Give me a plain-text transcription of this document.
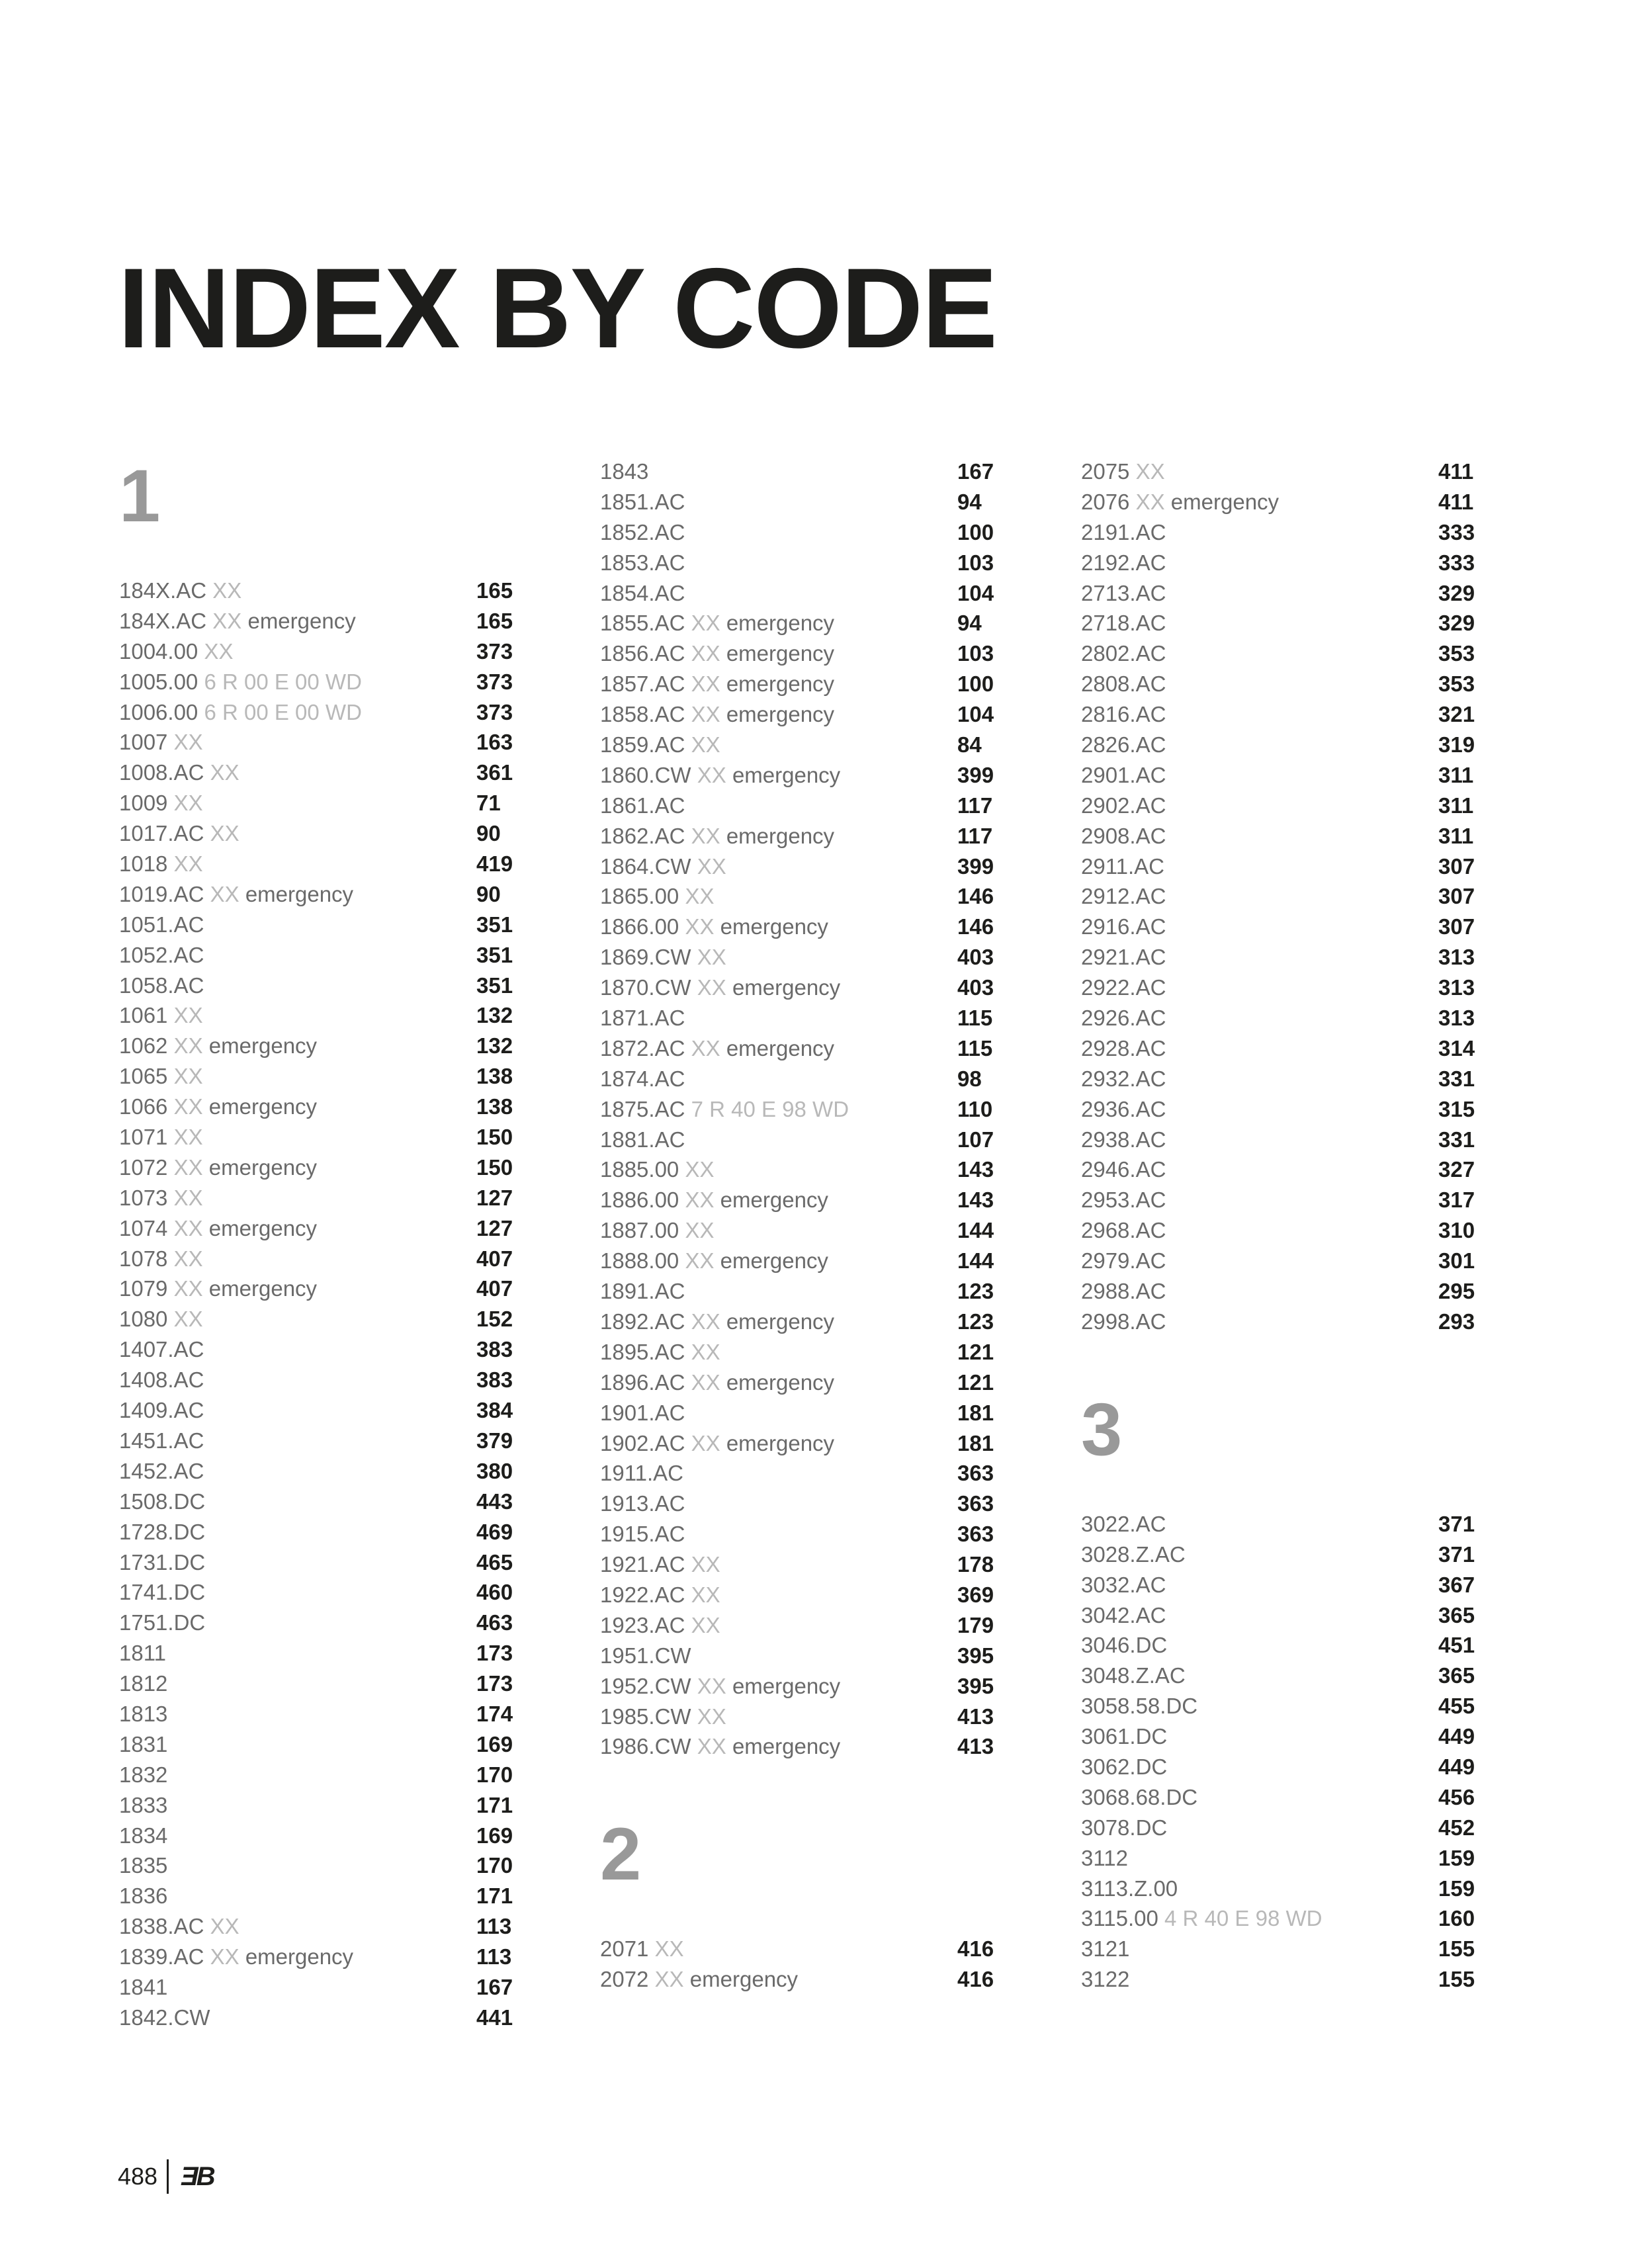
INDEX BY CODE
1
184X.AC XX	165
184X.AC XX emergency	165
1004.00 XX	373
1005.00 6 R 00 E 00 WD	373
1006.00 6 R 00 E 00 WD	373
1007 XX	163
1008.AC XX	361
1009 XX	71
1017.AC XX	90
1018 XX	419
1019.AC XX emergency	90
1051.AC	351
1052.AC	351
1058.AC	351
1061 XX	132
1062 XX emergency	132
1065 XX	138
1066 XX emergency	138
1071 XX	150
1072 XX emergency	150
1073 XX	127
1074 XX emergency	127
1078 XX	407
1079 XX emergency	407
1080 XX	152
1407.AC	383
1408.AC	383
1409.AC	384
1451.AC	379
1452.AC	380
1508.DC	443
1728.DC	469
1731.DC	465
1741.DC	460
1751.DC	463
1811	173
1812	173
1813	174
1831	169
1832	170
1833	171
1834	169
1835	170
1836	171
1838.AC XX	113
1839.AC XX emergency	113
1841	167
1842.CW	441
1843	167
1851.AC	94
1852.AC	100
1853.AC	103
1854.AC	104
1855.AC XX emergency	94
1856.AC XX emergency	103
1857.AC XX emergency	100
1858.AC XX emergency	104
1859.AC XX	84
1860.CW XX emergency	399
1861.AC	117
1862.AC XX emergency	117
1864.CW XX	399
1865.00 XX	146
1866.00 XX emergency	146
1869.CW XX	403
1870.CW XX emergency	403
1871.AC	115
1872.AC XX emergency	115
1874.AC	98
1875.AC 7 R 40 E 98 WD	110
1881.AC	107
1885.00 XX	143
1886.00 XX emergency	143
1887.00 XX	144
1888.00 XX emergency	144
1891.AC	123
1892.AC XX emergency	123
1895.AC XX	121
1896.AC XX emergency	121
1901.AC	181
1902.AC XX emergency	181
1911.AC	363
1913.AC	363
1915.AC	363
1921.AC XX	178
1922.AC XX	369
1923.AC XX	179
1951.CW	395
1952.CW XX emergency	395
1985.CW XX	413
1986.CW XX emergency	413
2
2071 XX	416
2072 XX emergency	416
2075 XX	411
2076 XX emergency	411
2191.AC	333
2192.AC	333
2713.AC	329
2718.AC	329
2802.AC	353
2808.AC	353
2816.AC	321
2826.AC	319
2901.AC	311
2902.AC	311
2908.AC	311
2911.AC	307
2912.AC	307
2916.AC	307
2921.AC	313
2922.AC	313
2926.AC	313
2928.AC	314
2932.AC	331
2936.AC	315
2938.AC	331
2946.AC	327
2953.AC	317
2968.AC	310
2979.AC	301
2988.AC	295
2998.AC	293
3
3022.AC	371
3028.Z.AC	371
3032.AC	367
3042.AC	365
3046.DC	451
3048.Z.AC	365
3058.58.DC	455
3061.DC	449
3062.DC	449
3068.68.DC	456
3078.DC	452
3112	159
3113.Z.00	159
3115.00 4 R 40 E 98 WD	160
3121	155
3122	155
488 ƎB
